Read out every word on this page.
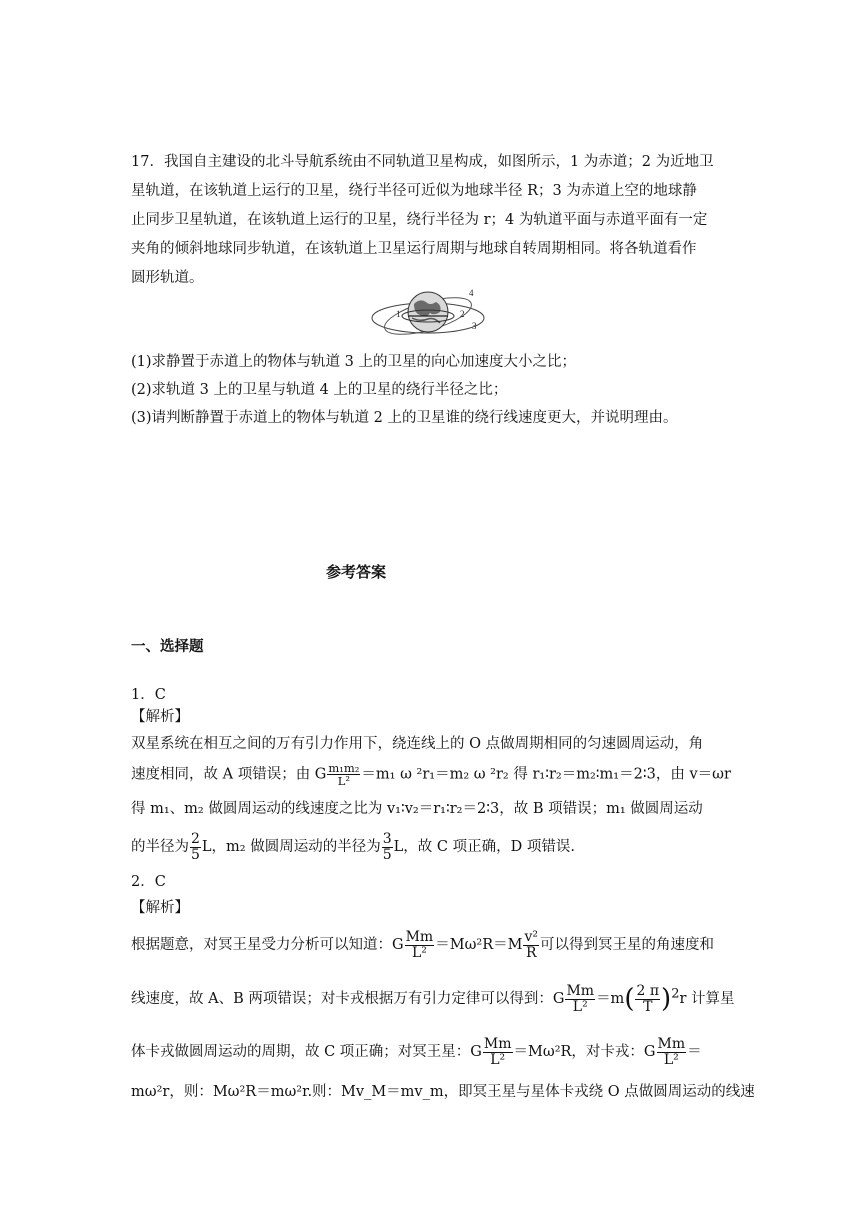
17．我国自主建设的北斗导航系统由不同轨道卫星构成，如图所示，1 为赤道；2 为近地卫
星轨道，在该轨道上运行的卫星，绕行半径可近似为地球半径 R；3 为赤道上空的地球静
止同步卫星轨道，在该轨道上运行的卫星，绕行半径为 r；4 为轨道平面与赤道平面有一定
夹角的倾斜地球同步轨道，在该轨道上卫星运行周期与地球自转周期相同。将各轨道看作
圆形轨道。
4
1	2
3
(1)求静置于赤道上的物体与轨道 3 上的卫星的向心加速度大小之比；
(2)求轨道 3 上的卫星与轨道 4 上的卫星的绕行半径之比；
(3)请判断静置于赤道上的物体与轨道 2 上的卫星谁的绕行线速度更大，并说明理由。
参考答案
一、选择题
1．C
【解析】
双星系统在相互之间的万有引力作用下，绕连线上的 O 点做周期相同的匀速圆周运动，角
速度相同，故 A 项错误；由 G $\frac{\text{m₁m₂}}{\text{L²}} =m_1$ ω ²r₁＝m₂ ω ²r₂ 得 r₁∶r₂＝m₂∶m₁＝2∶3，由 v＝ωr
得 m₁、m₂ 做圆周运动的线速度之比为 v₁∶v₂＝r₁∶r₂＝2∶3，故 B 项错误；m₁ 做圆周运动
的半径为 $\frac{2}{5}$ L，m₂ 做圆周运动的半径为 $\frac{3}{5}$ L，故 C 项正确，D 项错误.
2．C
【解析】
根据题意，对冥王星受力分析可以知道：G $\frac{Mm}{\text{L²}} =M\omega^2R=M \frac{\text{v²}}{R}$ 可以得到冥王星的角速度和
线速度，故 A、B 两项错误；对卡戎根据万有引力定律可以得到：G $\frac{Mm}{\text{L²}} =m( \frac{2 \pi}{T} )^2r$ 计算星
体卡戎做圆周运动的周期，故 C 项正确；对冥王星：G $\frac{Mm}{\text{L²}} =M\omega^2R$，对卡戎：G $\frac{Mm}{\text{L²}}$ ＝
mω²r，则：Mω²R＝mω²r.则：Mv_M＝mv_m，即冥王星与星体卡戎绕 O 点做圆周运动的线速
